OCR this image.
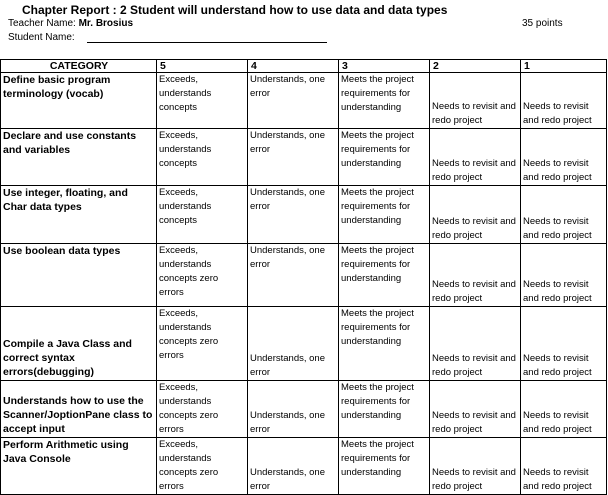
Chapter Report : 2 Student will understand how to use data and data types
Teacher Name: Mr. Brosius	35 points
Student Name:
CATEGORY	5	4	3	2	1
Define basic program terminology (vocab)	Exceeds, understands concepts	Understands, one error	Meets the project requirements for understanding	Needs to revisit and redo project	Needs to revisit and redo project
Declare and use constants and variables	Exceeds, understands concepts	Understands, one error	Meets the project requirements for understanding	Needs to revisit and redo project	Needs to revisit and redo project
Use integer, floating, and Char data types	Exceeds, understands concepts	Understands, one error	Meets the project requirements for understanding	Needs to revisit and redo project	Needs to revisit and redo project
Use boolean data types	Exceeds, understands concepts zero errors	Understands, one error	Meets the project requirements for understanding	Needs to revisit and redo project	Needs to revisit and redo project
Compile a Java Class and correct syntax errors(debugging)	Exceeds, understands concepts zero errors	Understands, one error	Meets the project requirements for understanding	Needs to revisit and redo project	Needs to revisit and redo project
Understands how to use the Scanner/JoptionPane class to accept input	Exceeds, understands concepts zero errors	Understands, one error	Meets the project requirements for understanding	Needs to revisit and redo project	Needs to revisit and redo project
Perform Arithmetic using Java Console	Exceeds, understands concepts zero errors	Understands, one error	Meets the project requirements for understanding	Needs to revisit and redo project	Needs to revisit and redo project
